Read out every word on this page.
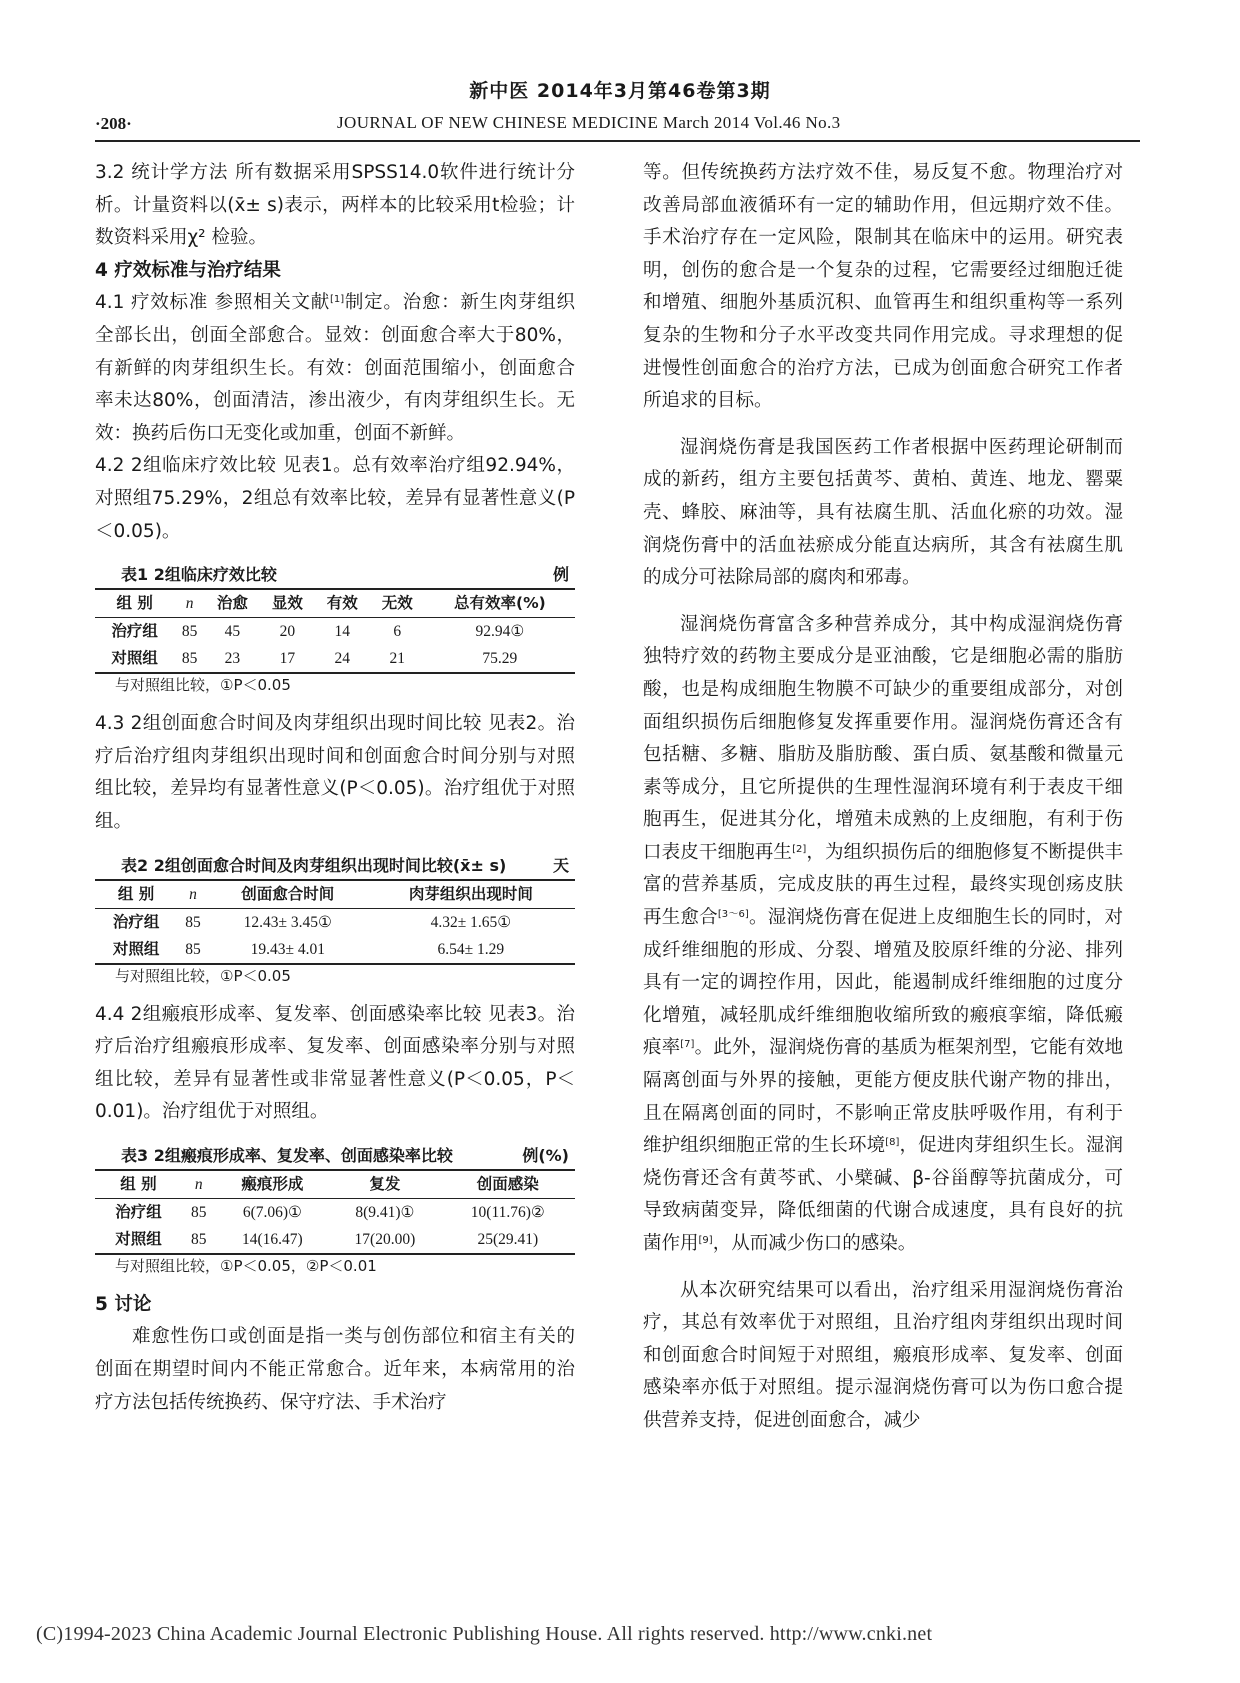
新中医 2014年3月第46卷第3期
·208·	JOURNAL OF NEW CHINESE MEDICINE March 2014 Vol.46 No.3

3.2 统计学方法 所有数据采用SPSS14.0软件进行统计分析。计量资料以(x̄± s)表示，两样本的比较采用t检验；计数资料采用χ² 检验。

4 疗效标准与治疗结果

4.1 疗效标准 参照相关文献[1]制定。治愈：新生肉芽组织全部长出，创面全部愈合。显效：创面愈合率大于80%，有新鲜的肉芽组织生长。有效：创面范围缩小，创面愈合率未达80%，创面清洁，渗出液少，有肉芽组织生长。无效：换药后伤口无变化或加重，创面不新鲜。

4.2 2组临床疗效比较 见表1。总有效率治疗组92.94%，对照组75.29%，2组总有效率比较，差异有显著性意义(P＜0.05)。

表1 2组临床疗效比较	例
组 别	n	治愈	显效	有效	无效	总有效率(%)
治疗组	85	45	20	14	6	92.94①
对照组	85	23	17	24	21	75.29
与对照组比较，①P＜0.05

4.3 2组创面愈合时间及肉芽组织出现时间比较 见表2。治疗后治疗组肉芽组织出现时间和创面愈合时间分别与对照组比较，差异均有显著性意义(P＜0.05)。治疗组优于对照组。

表2 2组创面愈合时间及肉芽组织出现时间比较(x̄± s)	天
组 别	n	创面愈合时间	肉芽组织出现时间
治疗组	85	12.43± 3.45①	4.32± 1.65①
对照组	85	19.43± 4.01	6.54± 1.29
与对照组比较，①P＜0.05

4.4 2组瘢痕形成率、复发率、创面感染率比较 见表3。治疗后治疗组瘢痕形成率、复发率、创面感染率分别与对照组比较，差异有显著性或非常显著性意义(P＜0.05，P＜0.01)。治疗组优于对照组。

表3 2组瘢痕形成率、复发率、创面感染率比较	例(%)
组 别	n	瘢痕形成	复发	创面感染
治疗组	85	6(7.06)①	8(9.41)①	10(11.76)②
对照组	85	14(16.47)	17(20.00)	25(29.41)
与对照组比较，①P＜0.05，②P＜0.01

5 讨论

难愈性伤口或创面是指一类与创伤部位和宿主有关的创面在期望时间内不能正常愈合。近年来，本病常用的治疗方法包括传统换药、保守疗法、手术治疗

等。但传统换药方法疗效不佳，易反复不愈。物理治疗对改善局部血液循环有一定的辅助作用，但远期疗效不佳。手术治疗存在一定风险，限制其在临床中的运用。研究表明，创伤的愈合是一个复杂的过程，它需要经过细胞迁徙和增殖、细胞外基质沉积、血管再生和组织重构等一系列复杂的生物和分子水平改变共同作用完成。寻求理想的促进慢性创面愈合的治疗方法，已成为创面愈合研究工作者所追求的目标。

湿润烧伤膏是我国医药工作者根据中医药理论研制而成的新药，组方主要包括黄芩、黄柏、黄连、地龙、罂粟壳、蜂胶、麻油等，具有祛腐生肌、活血化瘀的功效。湿润烧伤膏中的活血祛瘀成分能直达病所，其含有祛腐生肌的成分可祛除局部的腐肉和邪毒。

湿润烧伤膏富含多种营养成分，其中构成湿润烧伤膏独特疗效的药物主要成分是亚油酸，它是细胞必需的脂肪酸，也是构成细胞生物膜不可缺少的重要组成部分，对创面组织损伤后细胞修复发挥重要作用。湿润烧伤膏还含有包括糖、多糖、脂肪及脂肪酸、蛋白质、氨基酸和微量元素等成分，且它所提供的生理性湿润环境有利于表皮干细胞再生，促进其分化，增殖未成熟的上皮细胞，有利于伤口表皮干细胞再生[2]，为组织损伤后的细胞修复不断提供丰富的营养基质，完成皮肤的再生过程，最终实现创疡皮肤再生愈合[3～6]。湿润烧伤膏在促进上皮细胞生长的同时，对成纤维细胞的形成、分裂、增殖及胶原纤维的分泌、排列具有一定的调控作用，因此，能遏制成纤维细胞的过度分化增殖，减轻肌成纤维细胞收缩所致的瘢痕挛缩，降低瘢痕率[7]。此外，湿润烧伤膏的基质为框架剂型，它能有效地隔离创面与外界的接触，更能方便皮肤代谢产物的排出，且在隔离创面的同时，不影响正常皮肤呼吸作用，有利于维护组织细胞正常的生长环境[8]，促进肉芽组织生长。湿润烧伤膏还含有黄芩甙、小檗碱、β-谷甾醇等抗菌成分，可导致病菌变异，降低细菌的代谢合成速度，具有良好的抗菌作用[9]，从而减少伤口的感染。

从本次研究结果可以看出，治疗组采用湿润烧伤膏治疗，其总有效率优于对照组，且治疗组肉芽组织出现时间和创面愈合时间短于对照组，瘢痕形成率、复发率、创面感染率亦低于对照组。提示湿润烧伤膏可以为伤口愈合提供营养支持，促进创面愈合，减少

(C)1994-2023 China Academic Journal Electronic Publishing House. All rights reserved. http://www.cnki.net
